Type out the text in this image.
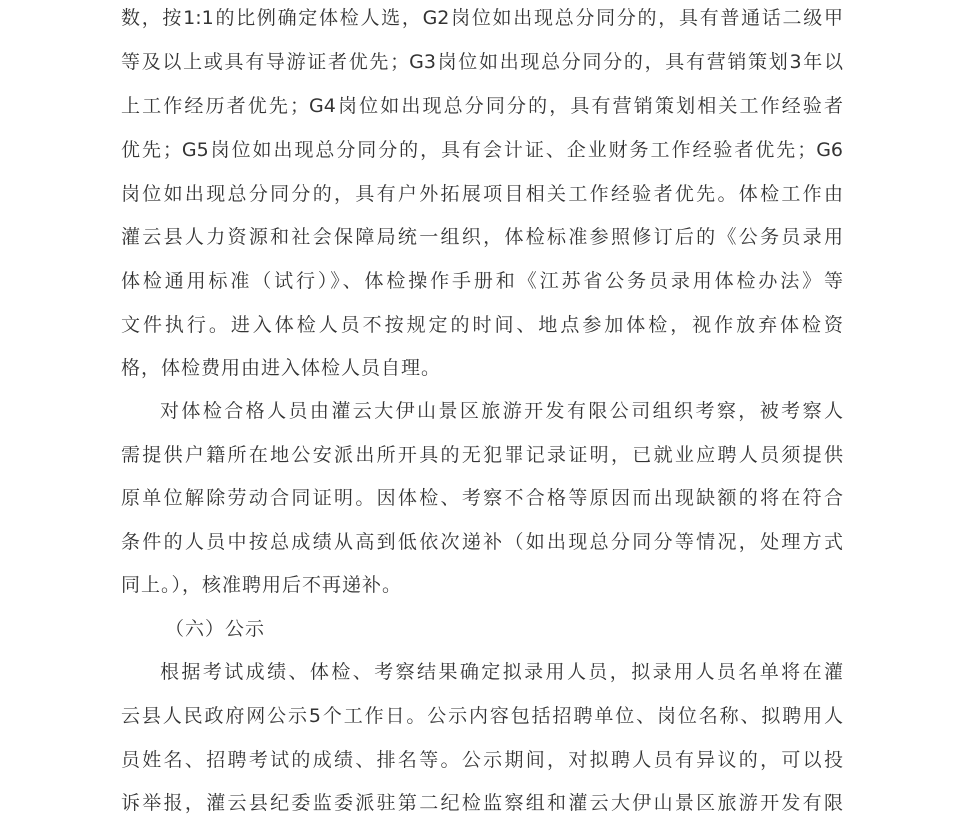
数，按1:1的比例确定体检人选，G2岗位如出现总分同分的，具有普通话二级甲
等及以上或具有导游证者优先；G3岗位如出现总分同分的，具有营销策划3年以
上工作经历者优先；G4岗位如出现总分同分的，具有营销策划相关工作经验者
优先；G5岗位如出现总分同分的，具有会计证、企业财务工作经验者优先；G6
岗位如出现总分同分的，具有户外拓展项目相关工作经验者优先。体检工作由
灌云县人力资源和社会保障局统一组织，体检标准参照修订后的《公务员录用
体检通用标准（试行）》、体检操作手册和《江苏省公务员录用体检办法》等
文件执行。进入体检人员不按规定的时间、地点参加体检，视作放弃体检资
格，体检费用由进入体检人员自理。
对体检合格人员由灌云大伊山景区旅游开发有限公司组织考察，被考察人
需提供户籍所在地公安派出所开具的无犯罪记录证明，已就业应聘人员须提供
原单位解除劳动合同证明。因体检、考察不合格等原因而出现缺额的将在符合
条件的人员中按总成绩从高到低依次递补（如出现总分同分等情况，处理方式
同上。），核准聘用后不再递补。
（六）公示
根据考试成绩、体检、考察结果确定拟录用人员，拟录用人员名单将在灌
云县人民政府网公示5个工作日。公示内容包括招聘单位、岗位名称、拟聘用人
员姓名、招聘考试的成绩、排名等。公示期间，对拟聘人员有异议的，可以投
诉举报，灌云县纪委监委派驻第二纪检监察组和灌云大伊山景区旅游开发有限
